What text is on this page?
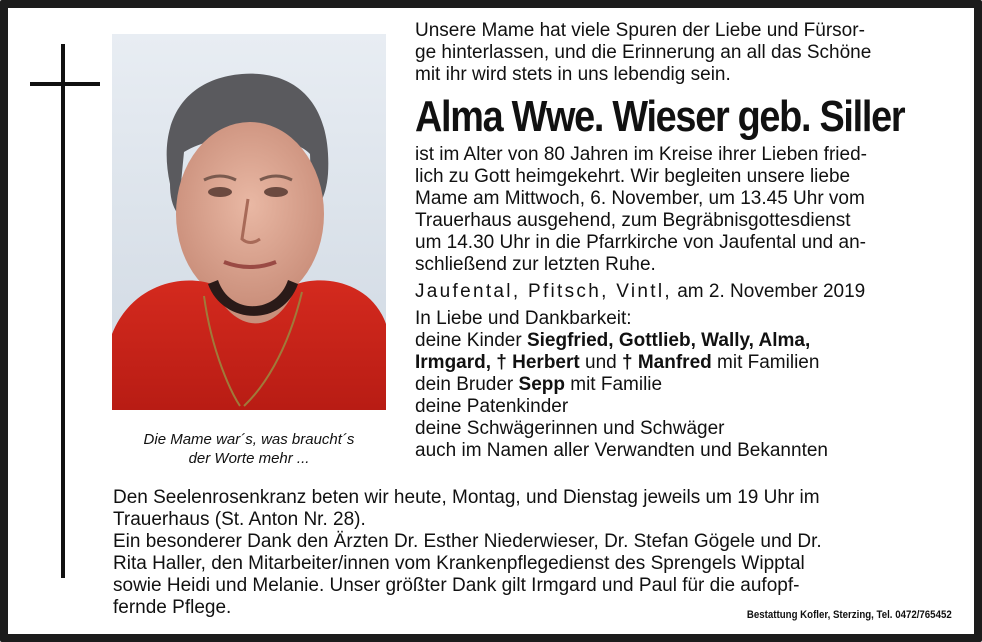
Die Mame war´s, was braucht´s
der Worte mehr ...

Unsere Mame hat viele Spuren der Liebe und Fürsor-
ge hinterlassen, und die Erinnerung an all das Schöne
mit ihr wird stets in uns lebendig sein.

Alma Wwe. Wieser geb. Siller

ist im Alter von 80 Jahren im Kreise ihrer Lieben fried-
lich zu Gott heimgekehrt. Wir begleiten unsere liebe
Mame am Mittwoch, 6. November, um 13.45 Uhr vom
Trauerhaus ausgehend, zum Begräbnisgottesdienst
um 14.30 Uhr in die Pfarrkirche von Jaufental und an-
schließend zur letzten Ruhe.

Jaufental, Pfitsch, Vintl, am 2. November 2019

In Liebe und Dankbarkeit:
deine Kinder Siegfried, Gottlieb, Wally, Alma,
Irmgard, † Herbert und † Manfred mit Familien
dein Bruder Sepp mit Familie
deine Patenkinder
deine Schwägerinnen und Schwäger
auch im Namen aller Verwandten und Bekannten

Den Seelenrosenkranz beten wir heute, Montag, und Dienstag jeweils um 19 Uhr im
Trauerhaus (St. Anton Nr. 28).
Ein besonderer Dank den Ärzten Dr. Esther Niederwieser, Dr. Stefan Gögele und Dr.
Rita Haller, den Mitarbeiter/innen vom Krankenpflegedienst des Sprengels Wipptal
sowie Heidi und Melanie. Unser größter Dank gilt Irmgard und Paul für die aufopf-
fernde Pflege.	Bestattung Kofler, Sterzing, Tel. 0472/765452
